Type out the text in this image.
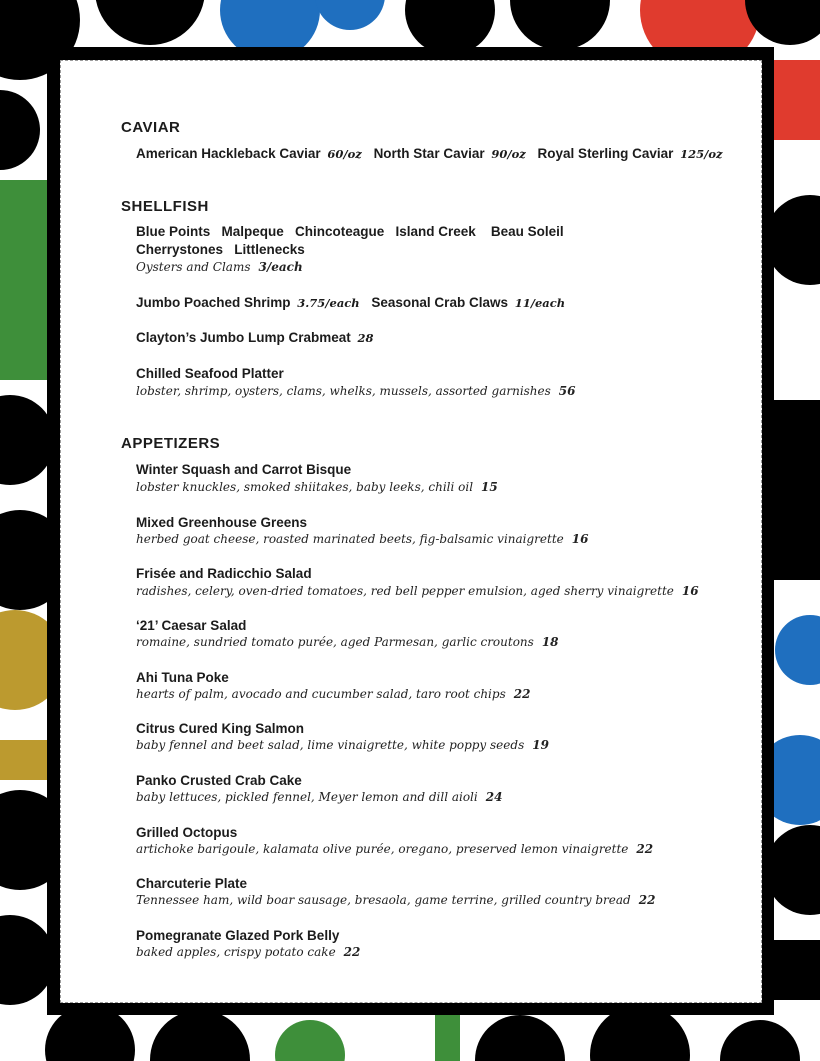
CAVIAR
American Hackleback Caviar 60/oz North Star Caviar 90/oz Royal Sterling Caviar 125/oz
SHELLFISH
Blue Points   Malpeque   Chincoteague   Island Creek    Beau Soleil
Cherrystones   Littlenecks
Oysters and Clams 3/each
Jumbo Poached Shrimp 3.75/each Seasonal Crab Claws 11/each
Clayton’s Jumbo Lump Crabmeat 28
Chilled Seafood Platter
lobster, shrimp, oysters, clams, whelks, mussels, assorted garnishes 56
APPETIZERS
Winter Squash and Carrot Bisque
lobster knuckles, smoked shiitakes, baby leeks, chili oil 15
Mixed Greenhouse Greens
herbed goat cheese, roasted marinated beets, fig-balsamic vinaigrette 16
Frisée and Radicchio Salad
radishes, celery, oven-dried tomatoes, red bell pepper emulsion, aged sherry vinaigrette 16
‘21’ Caesar Salad
romaine, sundried tomato purée, aged Parmesan, garlic croutons 18
Ahi Tuna Poke
hearts of palm, avocado and cucumber salad, taro root chips 22
Citrus Cured King Salmon
baby fennel and beet salad, lime vinaigrette, white poppy seeds 19
Panko Crusted Crab Cake
baby lettuces, pickled fennel, Meyer lemon and dill aioli 24
Grilled Octopus
artichoke barigoule, kalamata olive purée, oregano, preserved lemon vinaigrette 22
Charcuterie Plate
Tennessee ham, wild boar sausage, bresaola, game terrine, grilled country bread 22
Pomegranate Glazed Pork Belly
baked apples, crispy potato cake 22
